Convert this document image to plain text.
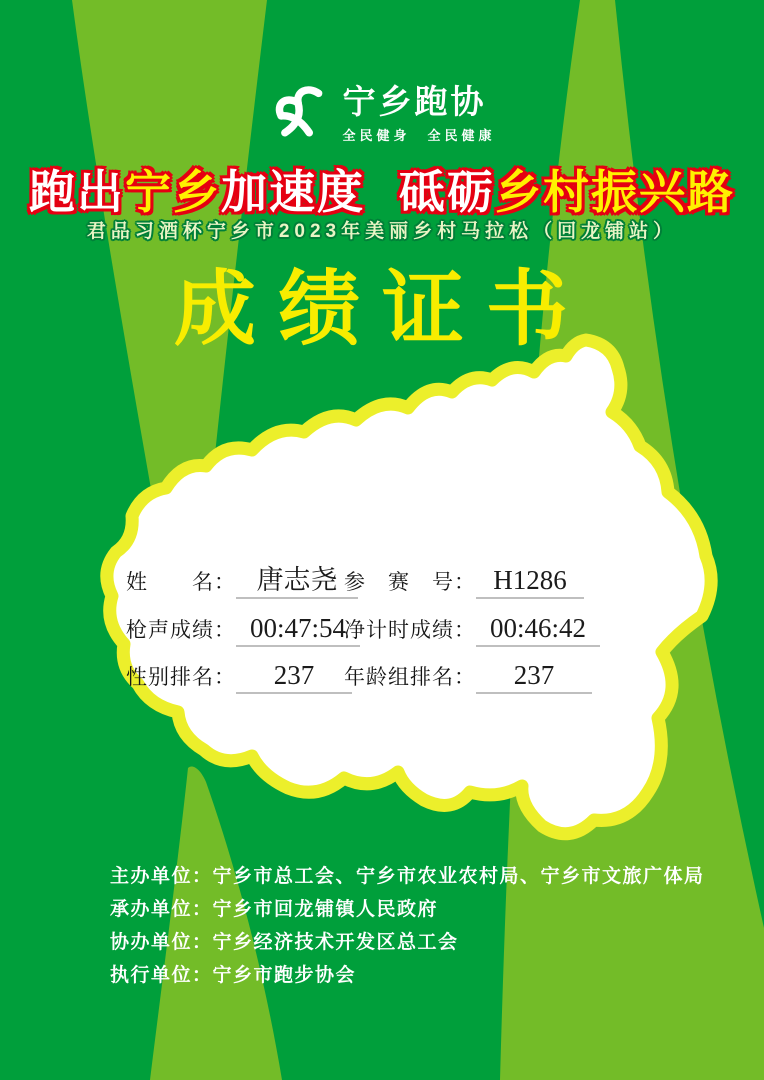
宁乡跑协
全民健身　全民健康
跑出宁乡加速度 砥砺乡村振兴路
君品习酒杯宁乡市2023年美丽乡村马拉松（回龙铺站）
成绩证书
姓　　名： 唐志尧 参　赛　号： H1286
枪声成绩： 00:47:54
净计时成绩： 00:46:42
性别排名： 237	年龄组排名： 237
主办单位：宁乡市总工会、宁乡市农业农村局、宁乡市文旅广体局
承办单位：宁乡市回龙铺镇人民政府
协办单位：宁乡经济技术开发区总工会
执行单位：宁乡市跑步协会
